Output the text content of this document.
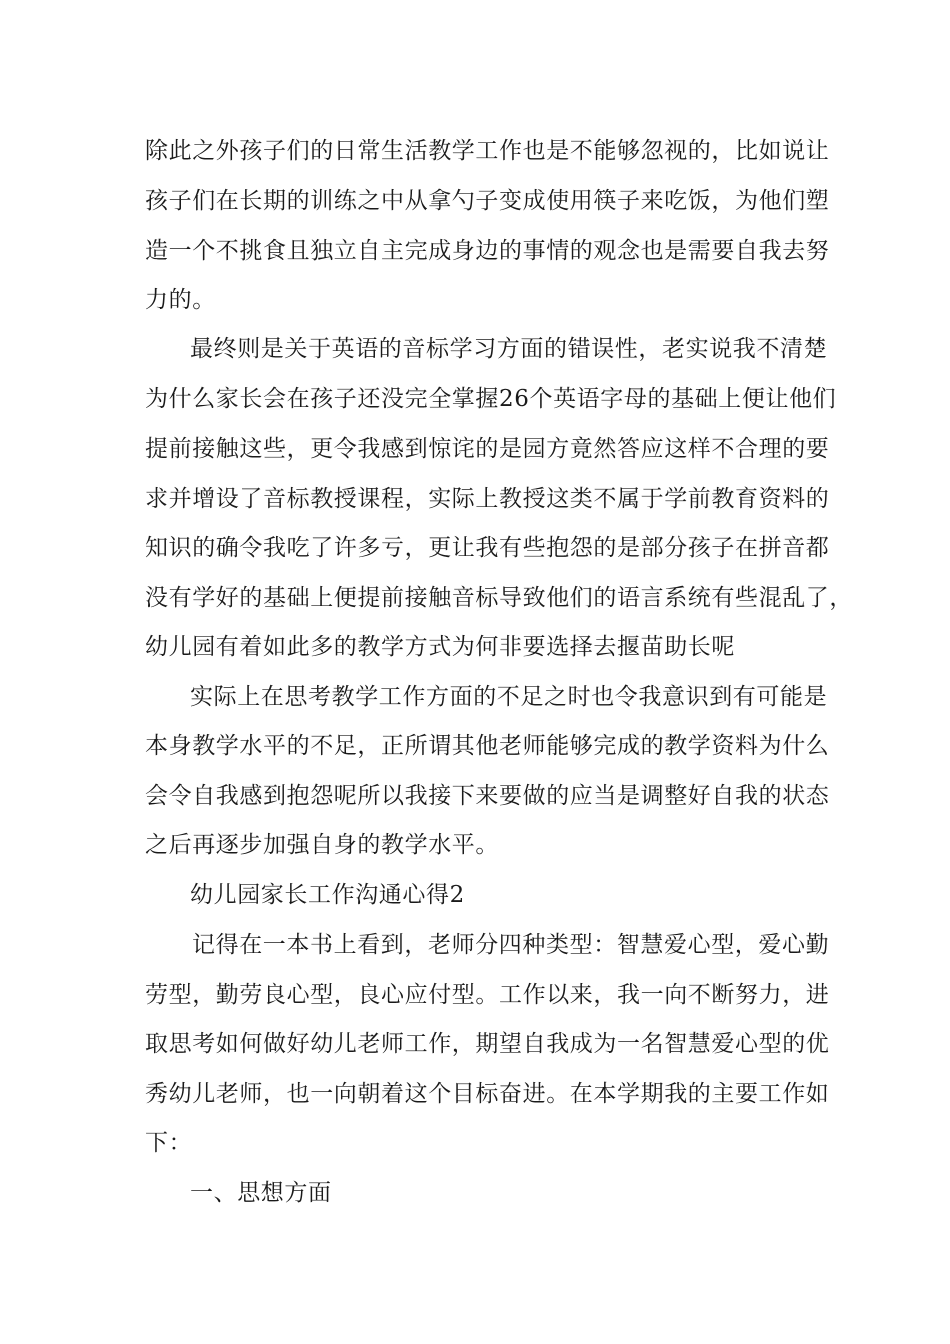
除此之外孩子们的日常生活教学工作也是不能够忽视的，比如说让
孩子们在长期的训练之中从拿勺子变成使用筷子来吃饭，为他们塑
造一个不挑食且独立自主完成身边的事情的观念也是需要自我去努
力的。
最终则是关于英语的音标学习方面的错误性，老实说我不清楚
为什么家长会在孩子还没完全掌握26个英语字母的基础上便让他们
提前接触这些，更令我感到惊诧的是园方竟然答应这样不合理的要
求并增设了音标教授课程，实际上教授这类不属于学前教育资料的
知识的确令我吃了许多亏，更让我有些抱怨的是部分孩子在拼音都
没有学好的基础上便提前接触音标导致他们的语言系统有些混乱了，
幼儿园有着如此多的教学方式为何非要选择去揠苗助长呢
实际上在思考教学工作方面的不足之时也令我意识到有可能是
本身教学水平的不足，正所谓其他老师能够完成的教学资料为什么
会令自我感到抱怨呢所以我接下来要做的应当是调整好自我的状态
之后再逐步加强自身的教学水平。
幼儿园家长工作沟通心得2
记得在一本书上看到，老师分四种类型：智慧爱心型，爱心勤
劳型，勤劳良心型，良心应付型。工作以来，我一向不断努力，进
取思考如何做好幼儿老师工作，期望自我成为一名智慧爱心型的优
秀幼儿老师，也一向朝着这个目标奋进。在本学期我的主要工作如
下：
一、思想方面
